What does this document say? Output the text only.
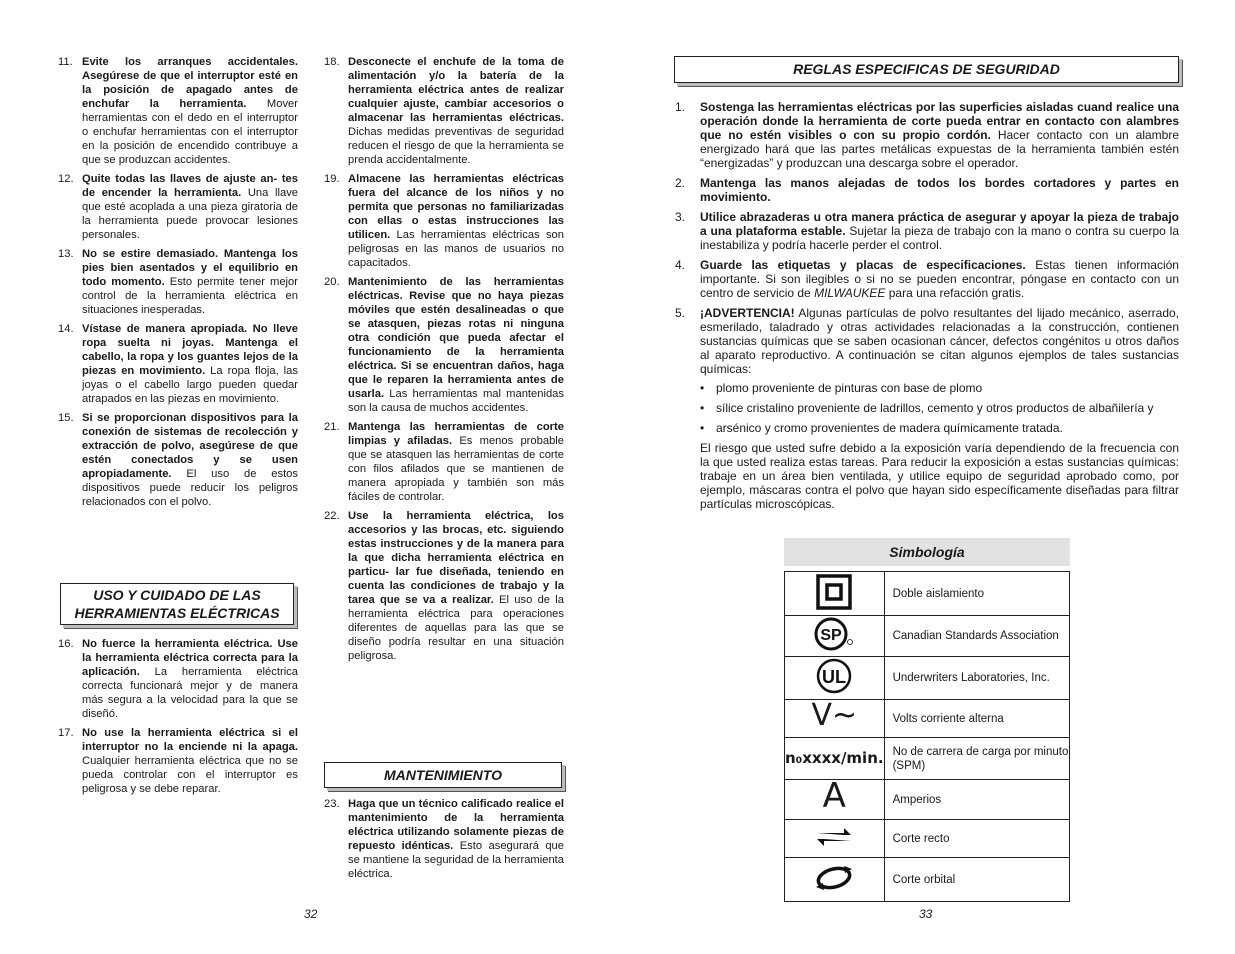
11. Evite los arranques accidentales. Asegúrese de que el interruptor esté en la posición de apagado antes de enchufar la herramienta. Mover herramientas con el dedo en el interruptor o enchufar herramientas con el interruptor en la posición de encendido contribuye a que se produzcan accidentes.
12. Quite todas las llaves de ajuste an- tes de encender la herramienta. Una llave que esté acoplada a una pieza giratoria de la herramienta puede provocar lesiones personales.
13. No se estire demasiado. Mantenga los pies bien asentados y el equilibrio en todo momento. Esto permite tener mejor control de la herramienta eléctrica en situaciones inesperadas.
14. Vístase de manera apropiada. No lleve ropa suelta ni joyas. Mantenga el cabello, la ropa y los guantes lejos de la piezas en movimiento. La ropa floja, las joyas o el cabello largo pueden quedar atrapados en las piezas en movimiento.
15. Si se proporcionan dispositivos para la conexión de sistemas de recolección y extracción de polvo, asegúrese de que estén conectados y se usen apropiadamente. El uso de estos dispositivos puede reducir los peligros relacionados con el polvo.
USO Y CUIDADO DE LAS HERRAMIENTAS ELÉCTRICAS
16. No fuerce la herramienta eléctrica. Use la herramienta eléctrica correcta para la aplicación. La herramienta eléctrica correcta funcionará mejor y de manera más segura a la velocidad para la que se diseñó.
17. No use la herramienta eléctrica si el interruptor no la enciende ni la apaga. Cualquier herramienta eléctrica que no se pueda controlar con el interruptor es peligrosa y se debe reparar.
18. Desconecte el enchufe de la toma de alimentación y/o la batería de la herramienta eléctrica antes de realizar cualquier ajuste, cambiar accesorios o almacenar las herramientas eléctricas. Dichas medidas preventivas de seguridad reducen el riesgo de que la herramienta se prenda accidentalmente.
19. Almacene las herramientas eléctricas fuera del alcance de los niños y no permita que personas no familiarizadas con ellas o estas instrucciones las utilicen. Las herramientas eléctricas son peligrosas en las manos de usuarios no capacitados.
20. Mantenimiento de las herramientas eléctricas. Revise que no haya piezas móviles que estén desalineadas o que se atasquen, piezas rotas ni ninguna otra condición que pueda afectar el funcionamiento de la herramienta eléctrica. Si se encuentran daños, haga que le reparen la herramienta antes de usarla. Las herramientas mal mantenidas son la causa de muchos accidentes.
21. Mantenga las herramientas de corte limpias y afiladas. Es menos probable que se atasquen las herramientas de corte con filos afilados que se mantienen de manera apropiada y también son más fáciles de controlar.
22. Use la herramienta eléctrica, los accesorios y las brocas, etc. siguiendo estas instrucciones y de la manera para la que dicha herramienta eléctrica en particu- lar fue diseñada, teniendo en cuenta las condiciones de trabajo y la tarea que se va a realizar. El uso de la herramienta eléctrica para operaciones diferentes de aquellas para las que se diseño podría resultar en una situación peligrosa.
MANTENIMIENTO
23. Haga que un técnico calificado realice el mantenimiento de la herramienta eléctrica utilizando solamente piezas de repuesto idénticas. Esto asegurará que se mantiene la seguridad de la herramienta eléctrica.
32
REGLAS ESPECIFICAS DE SEGURIDAD
1.	Sostenga las herramientas eléctricas por las superficies aisladas cuand realice una operación donde la herramienta de corte pueda entrar en contacto con alambres que no estén visibles o con su propio cordón. Hacer contacto con un alambre energizado hará que las partes metálicas expuestas de la herramienta también estén “energizadas” y produzcan una descarga sobre el operador.
2.	Mantenga las manos alejadas de todos los bordes cortadores y partes en movimiento.
3.	Utilice abrazaderas u otra manera práctica de asegurar y apoyar la pieza de trabajo a una plataforma estable. Sujetar la pieza de trabajo con la mano o contra su cuerpo la inestabiliza y podría hacerle perder el control.
4.	Guarde las etiquetas y placas de especificaciones. Estas tienen información importante. Si son ilegibles o si no se pueden encontrar, póngase en contacto con un centro de servicio de MILWAUKEE para una refacción gratis.
5.	¡ADVERTENCIA! Algunas partículas de polvo resultantes del lijado mecánico, aserrado, esmerilado, taladrado y otras actividades relacionadas a la construcción, contienen sustancias químicas que se saben ocasionan cáncer, defectos congénitos u otros daños al aparato reproductivo. A continuación se citan algunos ejemplos de tales sustancias químicas:
• plomo proveniente de pinturas con base de plomo
• sílice cristalino proveniente de ladrillos, cemento y otros productos de albañilería y
• arsénico y cromo provenientes de madera químicamente tratada.
El riesgo que usted sufre debido a la exposición varía dependiendo de la frecuencia con la que usted realiza estas tareas. Para reducir la exposición a estas sustancias químicas: trabaje en un área bien ventilada, y utilice equipo de seguridad aprobado como, por ejemplo, máscaras contra el polvo que hayan sido específicamente diseñadas para filtrar partículas microscópicas.
Simbología
	Doble aislamiento

SP	Canadian Standards Association

UL	Underwriters Laboratories, Inc.
V~	Volts corriente alterna
n₀xxxx/min.	No de carrera de carga por minuto (SPM)
A	Amperios
	Corte recto
	Corte orbital
33
